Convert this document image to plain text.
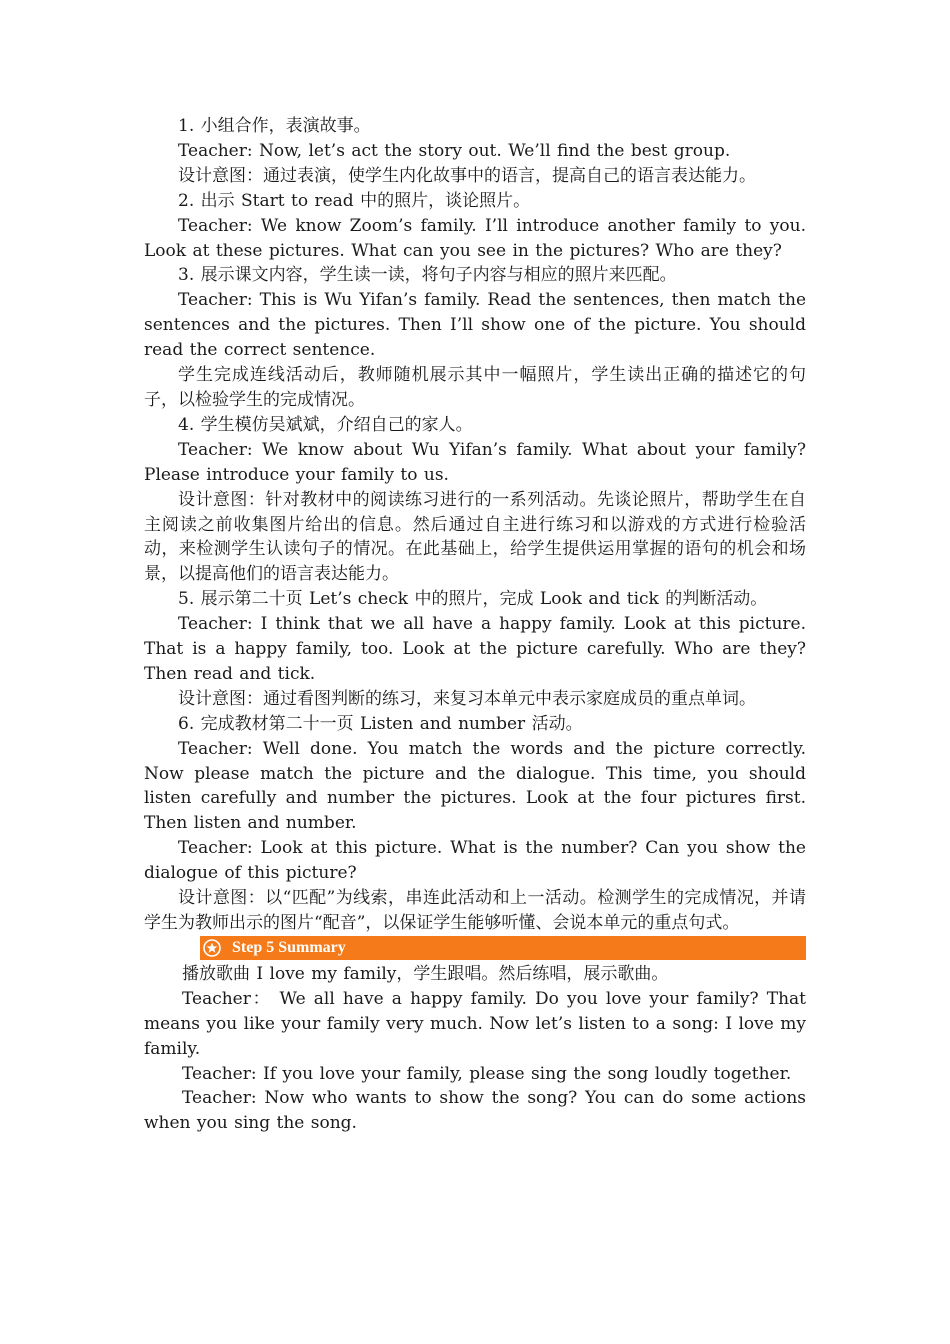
1. 小组合作，表演故事。

Teacher: Now, let’s act the story out. We’ll find the best group.

设计意图：通过表演，使学生内化故事中的语言，提高自己的语言表达能力。

2. 出示 Start to read 中的照片，谈论照片。

Teacher: We know Zoom’s family. I’ll introduce another family to you. Look at these pictures. What can you see in the pictures? Who are they?

3. 展示课文内容，学生读一读，将句子内容与相应的照片来匹配。

Teacher: This is Wu Yifan’s family. Read the sentences, then match the sentences and the pictures. Then I’ll show one of the picture. You should read the correct sentence.

学生完成连线活动后，教师随机展示其中一幅照片，学生读出正确的描述它的句子，以检验学生的完成情况。

4. 学生模仿吴斌斌，介绍自己的家人。

Teacher: We know about Wu Yifan’s family. What about your family? Please introduce your family to us.

设计意图：针对教材中的阅读练习进行的一系列活动。先谈论照片，帮助学生在自主阅读之前收集图片给出的信息。然后通过自主进行练习和以游戏的方式进行检验活动，来检测学生认读句子的情况。在此基础上，给学生提供运用掌握的语句的机会和场景，以提高他们的语言表达能力。

5. 展示第二十页 Let’s check 中的照片，完成 Look and tick 的判断活动。

Teacher: I think that we all have a happy family. Look at this picture. That is a happy family, too. Look at the picture carefully. Who are they? Then read and tick.

设计意图：通过看图判断的练习，来复习本单元中表示家庭成员的重点单词。

6. 完成教材第二十一页 Listen and number 活动。

Teacher: Well done. You match the words and the picture correctly. Now please match the picture and the dialogue. This time, you should listen carefully and number the pictures. Look at the four pictures first. Then listen and number.

Teacher: Look at this picture. What is the number? Can you show the dialogue of this picture?

设计意图：以“匹配”为线索，串连此活动和上一活动。检测学生的完成情况，并请学生为教师出示的图片“配音”，以保证学生能够听懂、会说本单元的重点句式。

Step 5 Summary

播放歌曲 I love my family，学生跟唱。然后练唱，展示歌曲。

Teacher： We all have a happy family. Do you love your family? That means you like your family very much. Now let’s listen to a song: I love my family.

Teacher: If you love your family, please sing the song loudly together.

Teacher: Now who wants to show the song? You can do some actions when you sing the song.
